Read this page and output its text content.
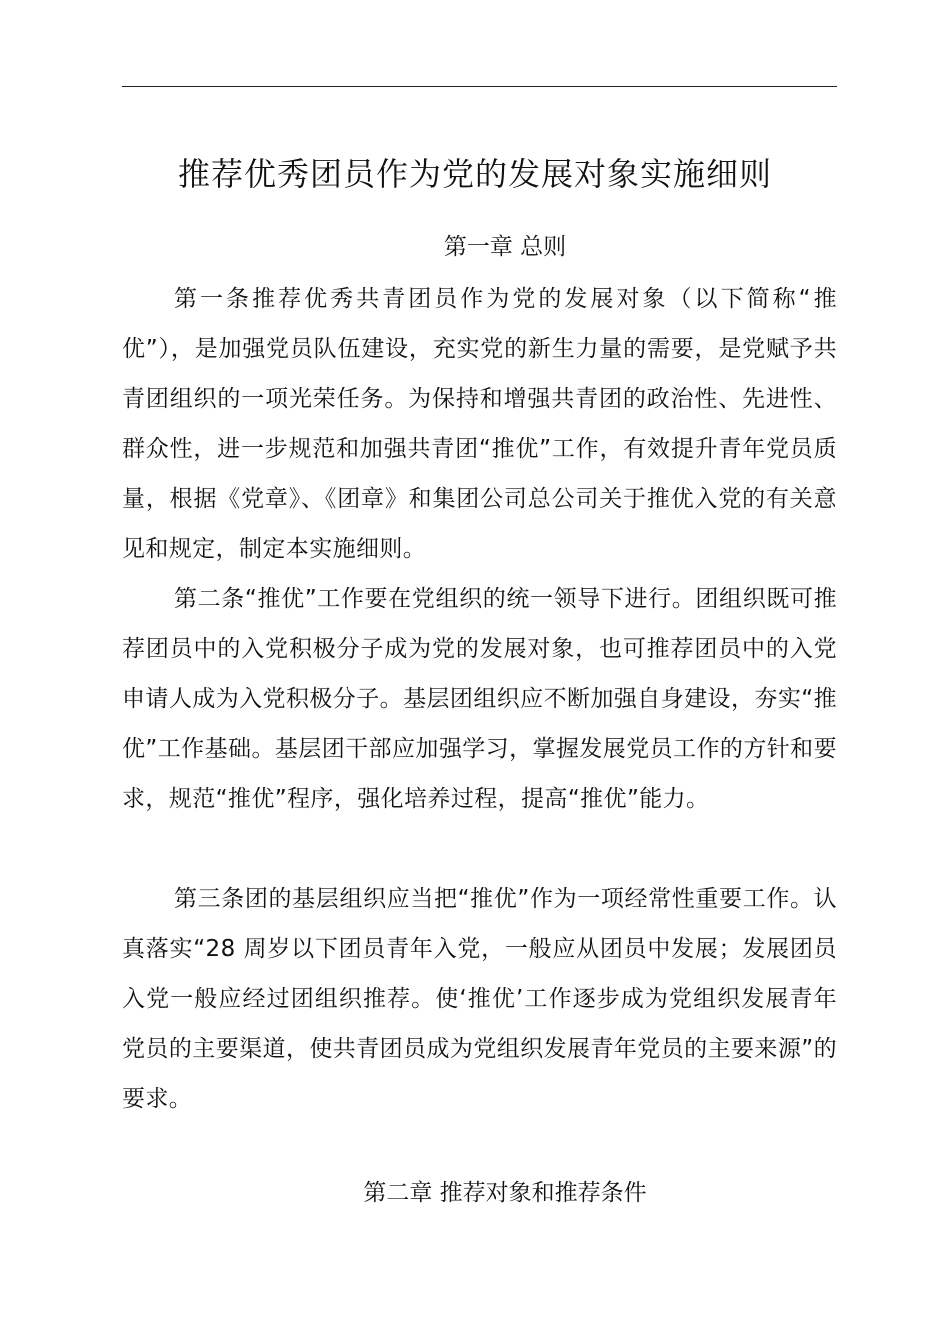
推荐优秀团员作为党的发展对象实施细则
第一章 总则

第一条推荐优秀共青团员作为党的发展对象（以下简称“推优”），是加强党员队伍建设，充实党的新生力量的需要，是党赋予共青团组织的一项光荣任务。为保持和增强共青团的政治性、先进性、群众性，进一步规范和加强共青团“推优”工作，有效提升青年党员质量，根据《党章》、《团章》和集团公司总公司关于推优入党的有关意见和规定，制定本实施细则。

第二条“推优”工作要在党组织的统一领导下进行。团组织既可推荐团员中的入党积极分子成为党的发展对象，也可推荐团员中的入党申请人成为入党积极分子。基层团组织应不断加强自身建设，夯实“推优”工作基础。基层团干部应加强学习，掌握发展党员工作的方针和要求，规范“推优”程序，强化培养过程，提高“推优”能力。

第三条团的基层组织应当把“推优”作为一项经常性重要工作。认真落实“28 周岁以下团员青年入党，一般应从团员中发展；发展团员入党一般应经过团组织推荐。使‘推优’工作逐步成为党组织发展青年党员的主要渠道，使共青团员成为党组织发展青年党员的主要来源”的要求。

第二章 推荐对象和推荐条件
